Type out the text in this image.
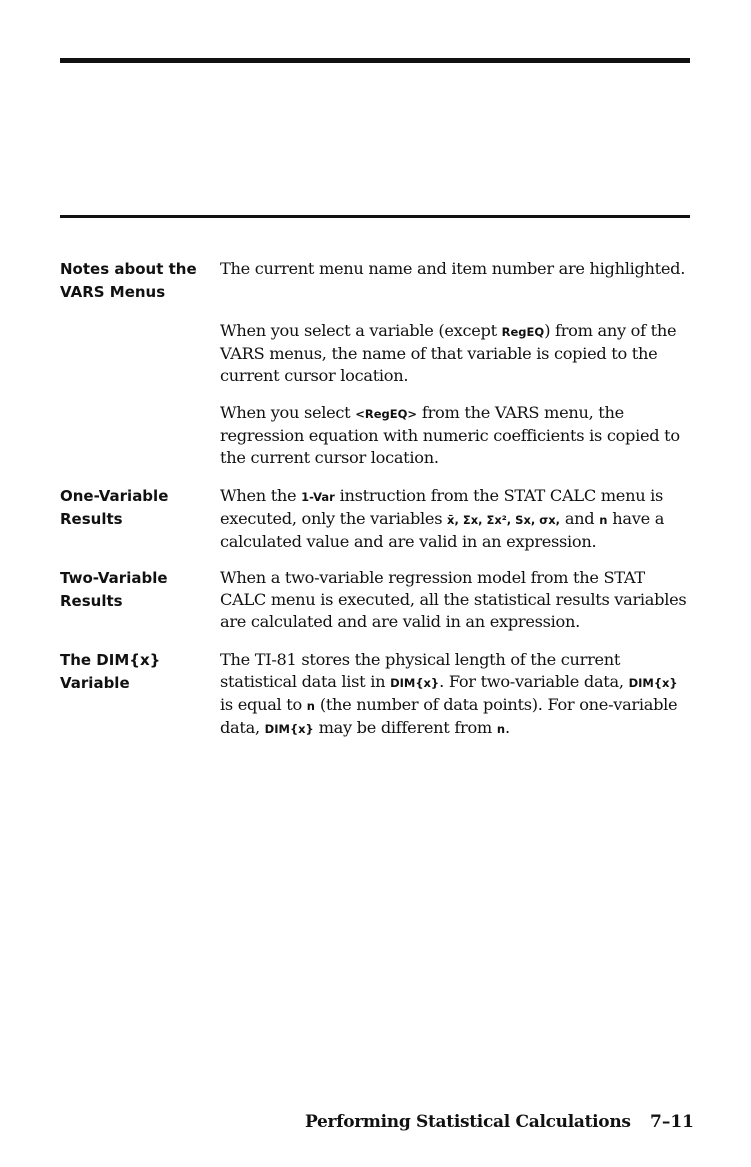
Notes about the
VARS Menus
One-Variable
Results
Two-Variable
Results
The DIM{x}
Variable

The current menu name and item number are highlighted.

When you select a variable (except RegEQ) from any of the VARS menus, the name of that variable is copied to the current cursor location.

When you select <RegEQ> from the VARS menu, the regression equation with numeric coefficients is copied to the current cursor location.

When the 1-Var instruction from the STAT CALC menu is executed, only the variables x̄, Σx, Σx², Sx, σx, and n have a calculated value and are valid in an expression.

When a two-variable regression model from the STAT CALC menu is executed, all the statistical results variables are calculated and are valid in an expression.

The TI-81 stores the physical length of the current statistical data list in DIM{x}. For two-variable data, DIM{x} is equal to n (the number of data points). For one-variable data, DIM{x} may be different from n.

Performing Statistical Calculations 7–11
